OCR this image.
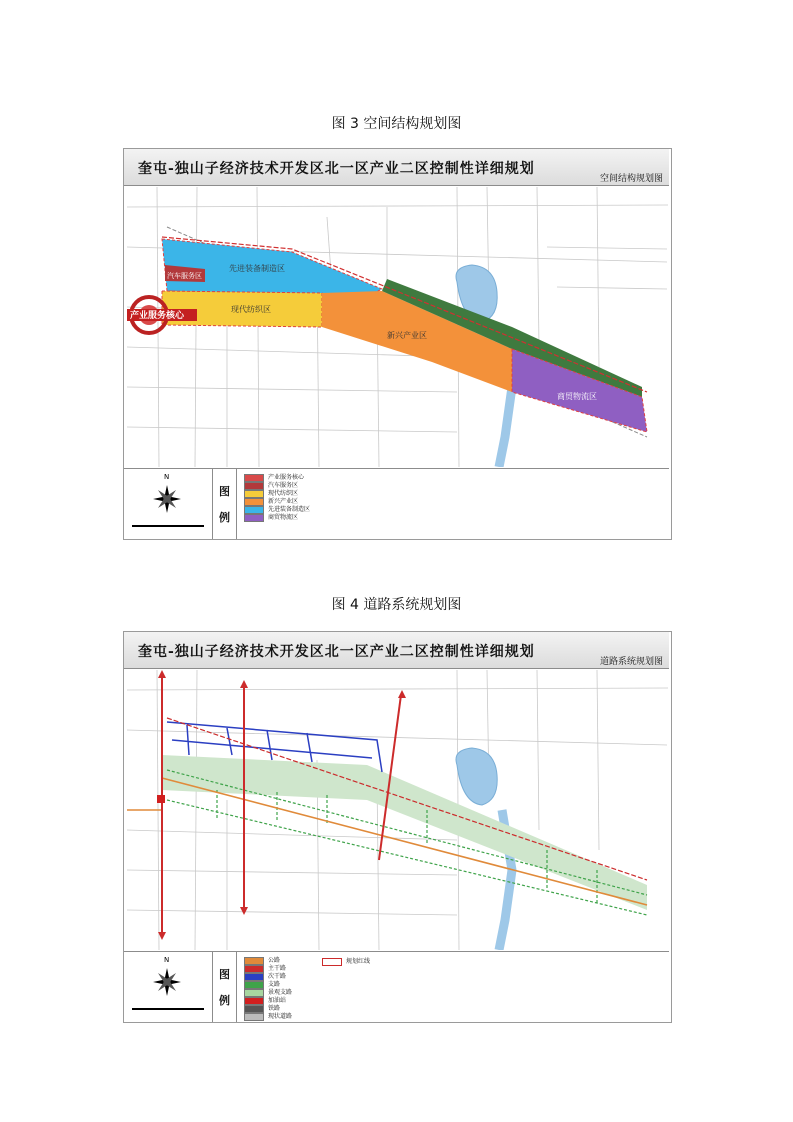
图 3 空间结构规划图
奎屯-独山子经济技术开发区北一区产业二区控制性详细规划
空间结构规划图
先进装备制造区
汽车服务区
现代纺织区
新兴产业区
商贸物流区
产业服务核心
N
图
例
产业服务核心
汽车服务区
现代纺织区
新兴产业区
先进装备制造区
商贸物流区
图 4 道路系统规划图
奎屯-独山子经济技术开发区北一区产业二区控制性详细规划
道路系统规划图
N
图
例
公路
主干路
次干路
支路
景观支路
加油站
铁路
现状道路
规划红线
